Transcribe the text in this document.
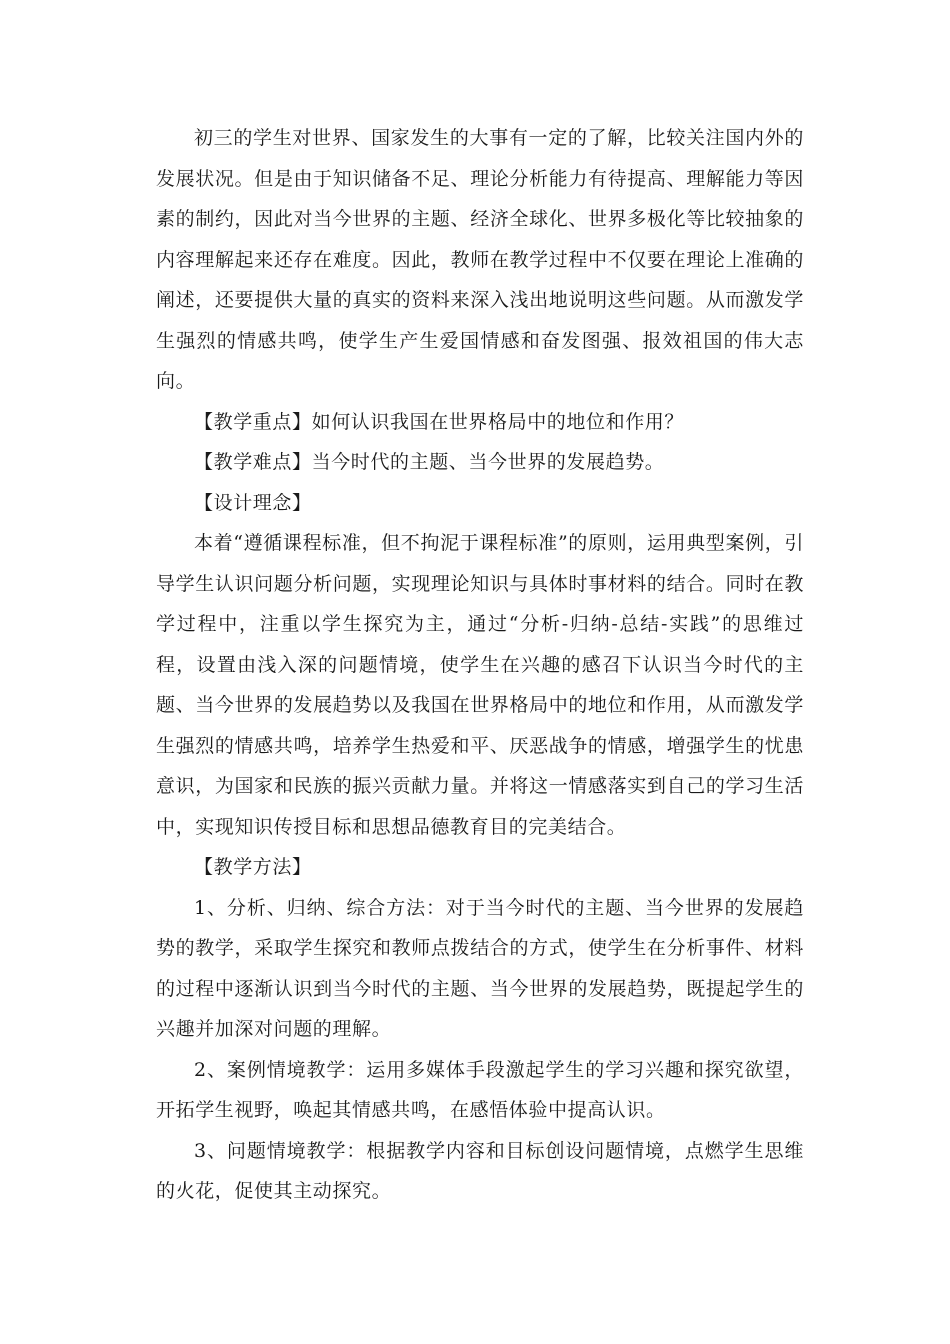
初三的学生对世界、国家发生的大事有一定的了解，比较关注国内外的发展状况。但是由于知识储备不足、理论分析能力有待提高、理解能力等因素的制约，因此对当今世界的主题、经济全球化、世界多极化等比较抽象的内容理解起来还存在难度。因此，教师在教学过程中不仅要在理论上准确的阐述，还要提供大量的真实的资料来深入浅出地说明这些问题。从而激发学生强烈的情感共鸣，使学生产生爱国情感和奋发图强、报效祖国的伟大志向。

【教学重点】如何认识我国在世界格局中的地位和作用？

【教学难点】当今时代的主题、当今世界的发展趋势。

【设计理念】

本着“遵循课程标准，但不拘泥于课程标准”的原则，运用典型案例，引导学生认识问题分析问题，实现理论知识与具体时事材料的结合。同时在教学过程中，注重以学生探究为主，通过“分析-归纳-总结-实践”的思维过程，设置由浅入深的问题情境，使学生在兴趣的感召下认识当今时代的主题、当今世界的发展趋势以及我国在世界格局中的地位和作用，从而激发学生强烈的情感共鸣，培养学生热爱和平、厌恶战争的情感，增强学生的忧患意识，为国家和民族的振兴贡献力量。并将这一情感落实到自己的学习生活中，实现知识传授目标和思想品德教育目的完美结合。

【教学方法】

1、分析、归纳、综合方法：对于当今时代的主题、当今世界的发展趋势的教学，采取学生探究和教师点拨结合的方式，使学生在分析事件、材料的过程中逐渐认识到当今时代的主题、当今世界的发展趋势，既提起学生的兴趣并加深对问题的理解。

2、案例情境教学：运用多媒体手段激起学生的学习兴趣和探究欲望，开拓学生视野，唤起其情感共鸣，在感悟体验中提高认识。

3、问题情境教学：根据教学内容和目标创设问题情境，点燃学生思维的火花，促使其主动探究。
